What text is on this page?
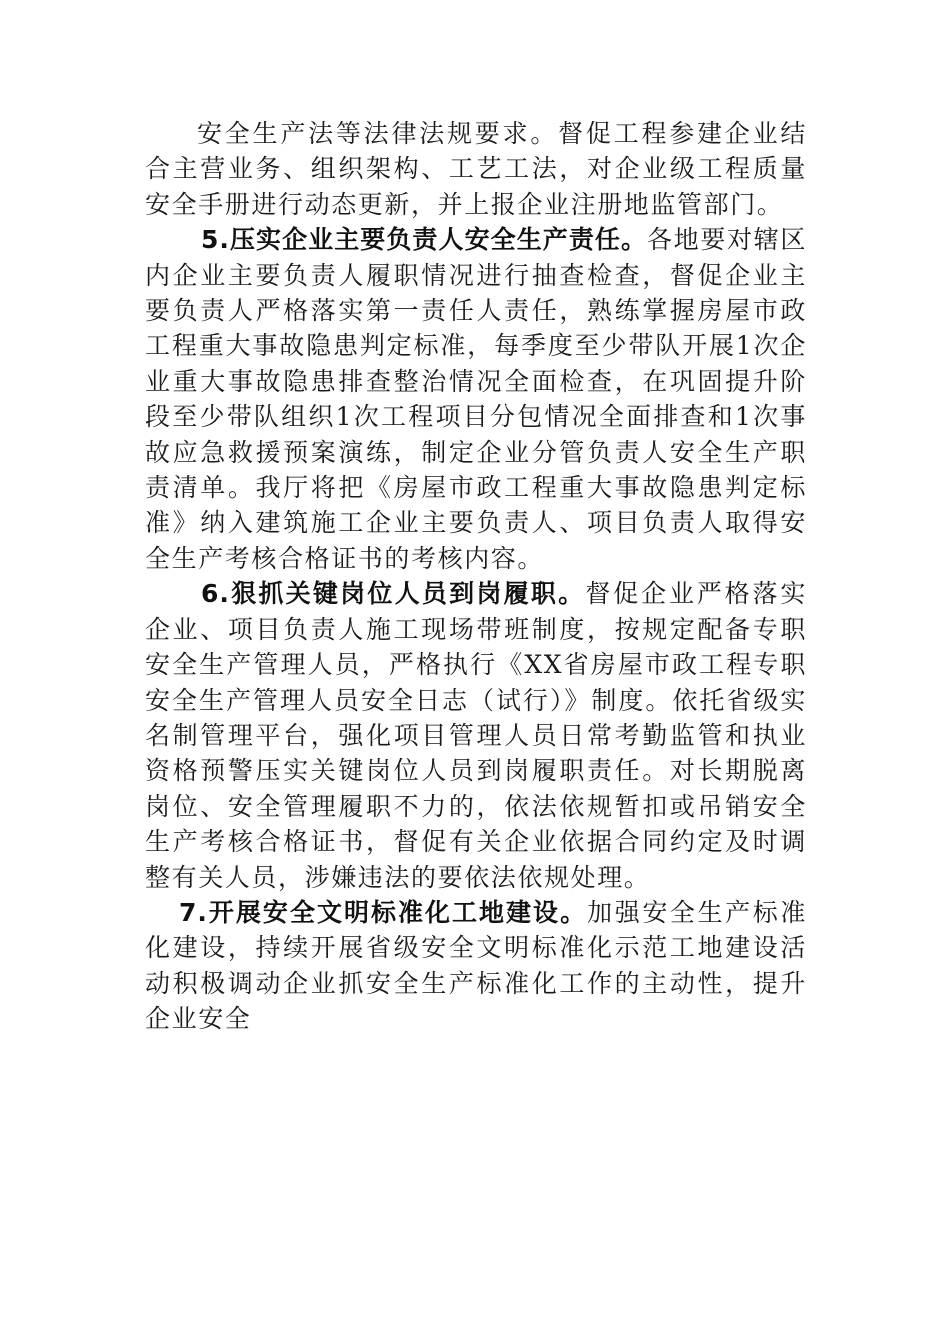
安全生产法等法律法规要求。督促工程参建企业结合主营业务、组织架构、工艺工法，对企业级工程质量安全手册进行动态更新，并上报企业注册地监管部门。

5.压实企业主要负责人安全生产责任。各地要对辖区内企业主要负责人履职情况进行抽查检查，督促企业主要负责人严格落实第一责任人责任，熟练掌握房屋市政工程重大事故隐患判定标准，每季度至少带队开展1次企业重大事故隐患排查整治情况全面检查，在巩固提升阶段至少带队组织1次工程项目分包情况全面排查和1次事故应急救援预案演练，制定企业分管负责人安全生产职责清单。我厅将把《房屋市政工程重大事故隐患判定标准》纳入建筑施工企业主要负责人、项目负责人取得安全生产考核合格证书的考核内容。

6.狠抓关键岗位人员到岗履职。督促企业严格落实企业、项目负责人施工现场带班制度，按规定配备专职安全生产管理人员，严格执行《XX省房屋市政工程专职安全生产管理人员安全日志（试行）》制度。依托省级实名制管理平台，强化项目管理人员日常考勤监管和执业资格预警压实关键岗位人员到岗履职责任。对长期脱离岗位、安全管理履职不力的，依法依规暂扣或吊销安全生产考核合格证书，督促有关企业依据合同约定及时调整有关人员，涉嫌违法的要依法依规处理。

7.开展安全文明标准化工地建设。加强安全生产标准化建设，持续开展省级安全文明标准化示范工地建设活动积极调动企业抓安全生产标准化工作的主动性，提升企业安全
